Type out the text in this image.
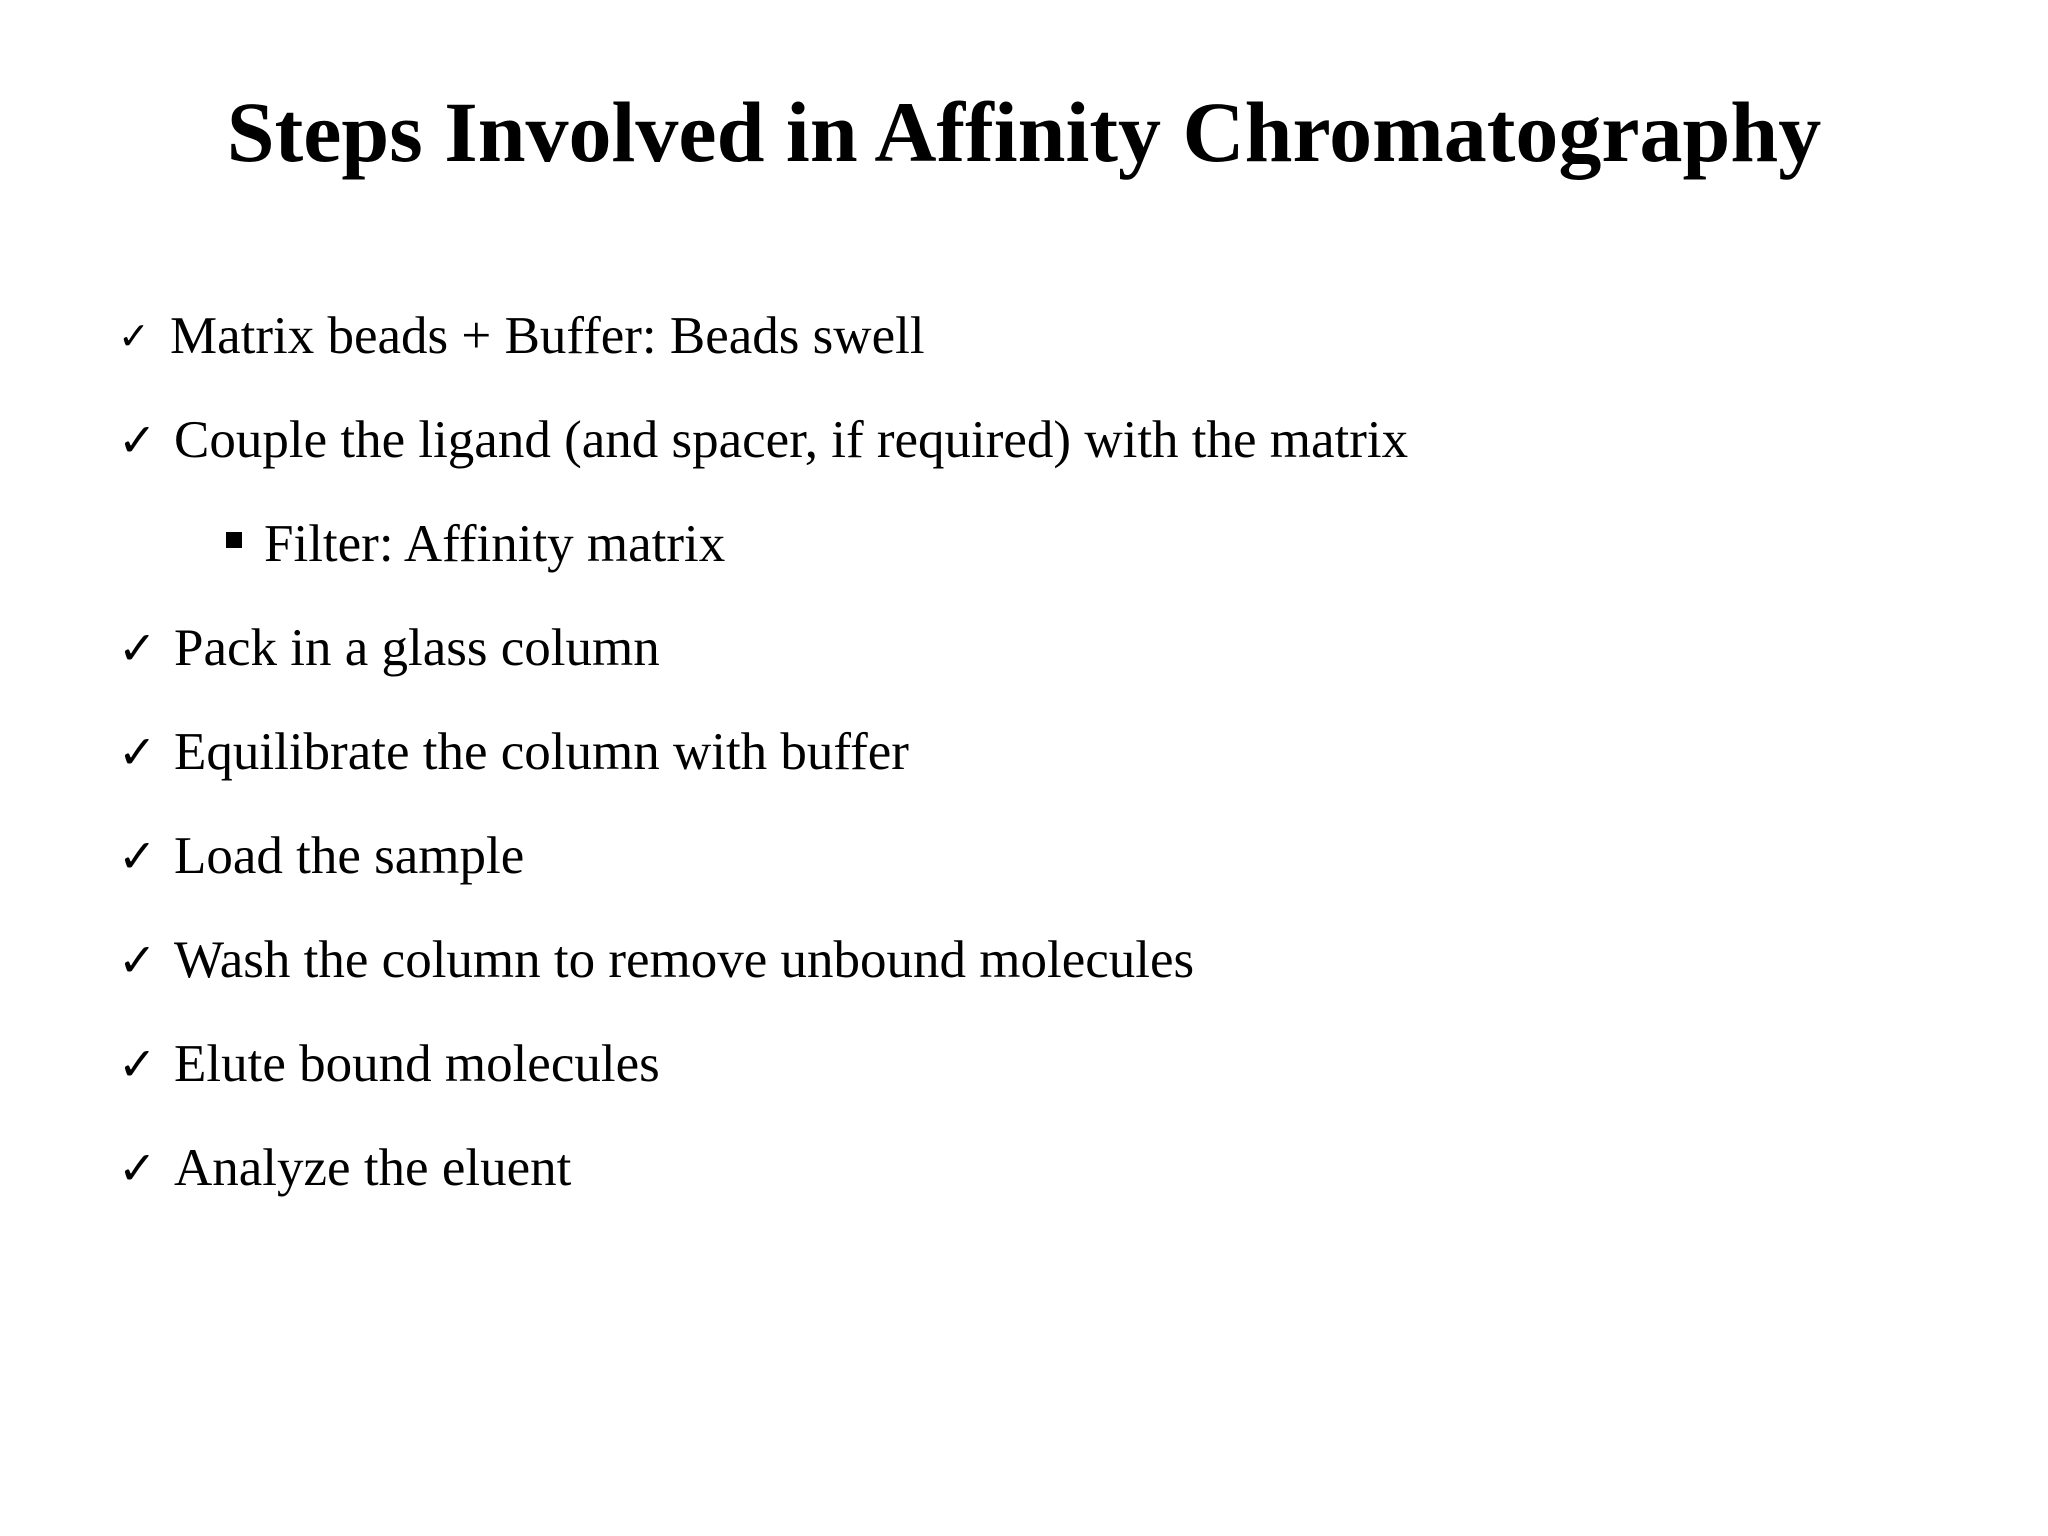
Steps Involved in Affinity Chromatography
✓ Matrix beads + Buffer: Beads swell
✓ Couple the ligand (and spacer, if required) with the matrix
Filter: Affinity matrix
✓ Pack in a glass column
✓ Equilibrate the column with buffer
✓ Load the sample
✓ Wash the column to remove unbound molecules
✓ Elute bound molecules
✓ Analyze the eluent
